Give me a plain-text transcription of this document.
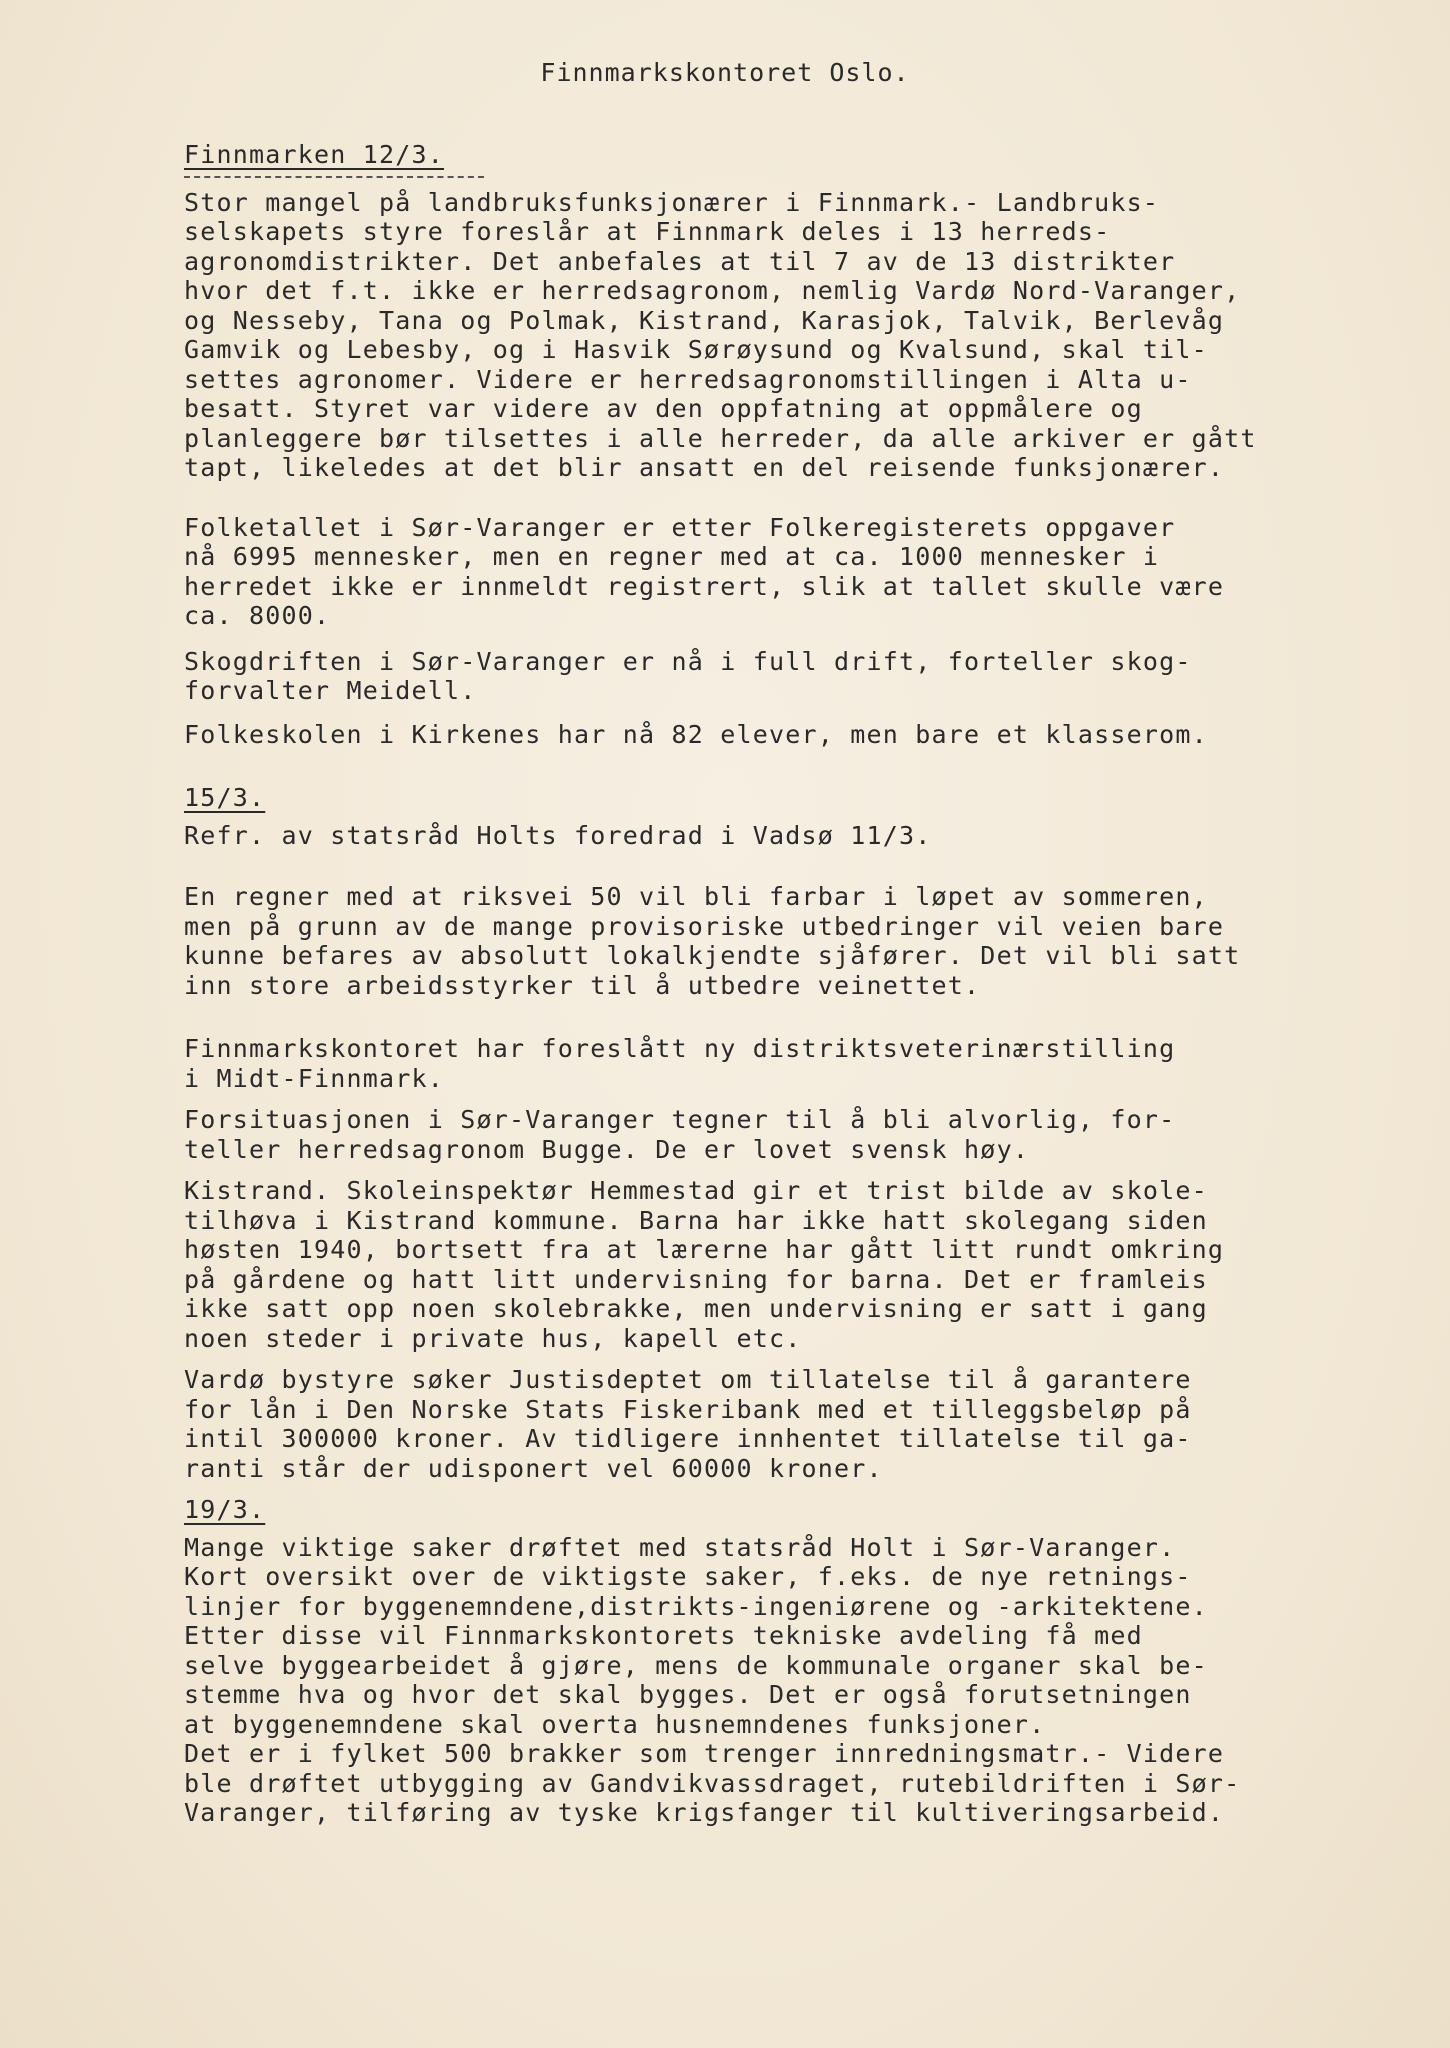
Finnmarkskontoret Oslo.
Finnmarken 12/3.
Stor mangel på landbruksfunksjonærer i Finnmark.- Landbruks-
selskapets styre foreslår at Finnmark deles i 13 herreds-
agronomdistrikter. Det anbefales at til 7 av de 13 distrikter
hvor det f.t. ikke er herredsagronom, nemlig Vardø Nord-Varanger,
og Nesseby, Tana og Polmak, Kistrand, Karasjok, Talvik, Berlevåg
Gamvik og Lebesby, og i Hasvik Sørøysund og Kvalsund, skal til-
settes agronomer. Videre er herredsagronomstillingen i Alta u-
besatt. Styret var videre av den oppfatning at oppmålere og
planleggere bør tilsettes i alle herreder, da alle arkiver er gått
tapt, likeledes at det blir ansatt en del reisende funksjonærer.
Folketallet i Sør-Varanger er etter Folkeregisterets oppgaver
nå 6995 mennesker, men en regner med at ca. 1000 mennesker i
herredet ikke er innmeldt registrert, slik at tallet skulle være
ca. 8000.
Skogdriften i Sør-Varanger er nå i full drift, forteller skog-
forvalter Meidell.
Folkeskolen i Kirkenes har nå 82 elever, men bare et klasserom.
15/3.
Refr. av statsråd Holts foredrad i Vadsø 11/3.
En regner med at riksvei 50 vil bli farbar i løpet av sommeren,
men på grunn av de mange provisoriske utbedringer vil veien bare
kunne befares av absolutt lokalkjendte sjåfører. Det vil bli satt
inn store arbeidsstyrker til å utbedre veinettet.
Finnmarkskontoret har foreslått ny distriktsveterinærstilling
i Midt-Finnmark.
Forsituasjonen i Sør-Varanger tegner til å bli alvorlig, for-
teller herredsagronom Bugge. De er lovet svensk høy.
Kistrand. Skoleinspektør Hemmestad gir et trist bilde av skole-
tilhøva i Kistrand kommune. Barna har ikke hatt skolegang siden
høsten 1940, bortsett fra at lærerne har gått litt rundt omkring
på gårdene og hatt litt undervisning for barna. Det er framleis
ikke satt opp noen skolebrakke, men undervisning er satt i gang
noen steder i private hus, kapell etc.
Vardø bystyre søker Justisdeptet om tillatelse til å garantere
for lån i Den Norske Stats Fiskeribank med et tilleggsbeløp på
intil 300000 kroner. Av tidligere innhentet tillatelse til ga-
ranti står der udisponert vel 60000 kroner.
19/3.
Mange viktige saker drøftet med statsråd Holt i Sør-Varanger.
Kort oversikt over de viktigste saker, f.eks. de nye retnings-
linjer for byggenemndene,distrikts-ingeniørene og -arkitektene.
Etter disse vil Finnmarkskontorets tekniske avdeling få med
selve byggearbeidet å gjøre, mens de kommunale organer skal be-
stemme hva og hvor det skal bygges. Det er også forutsetningen
at byggenemndene skal overta husnemndenes funksjoner.
Det er i fylket 500 brakker som trenger innredningsmatr.- Videre
ble drøftet utbygging av Gandvikvassdraget, rutebildriften i Sør-
Varanger, tilføring av tyske krigsfanger til kultiveringsarbeid.
